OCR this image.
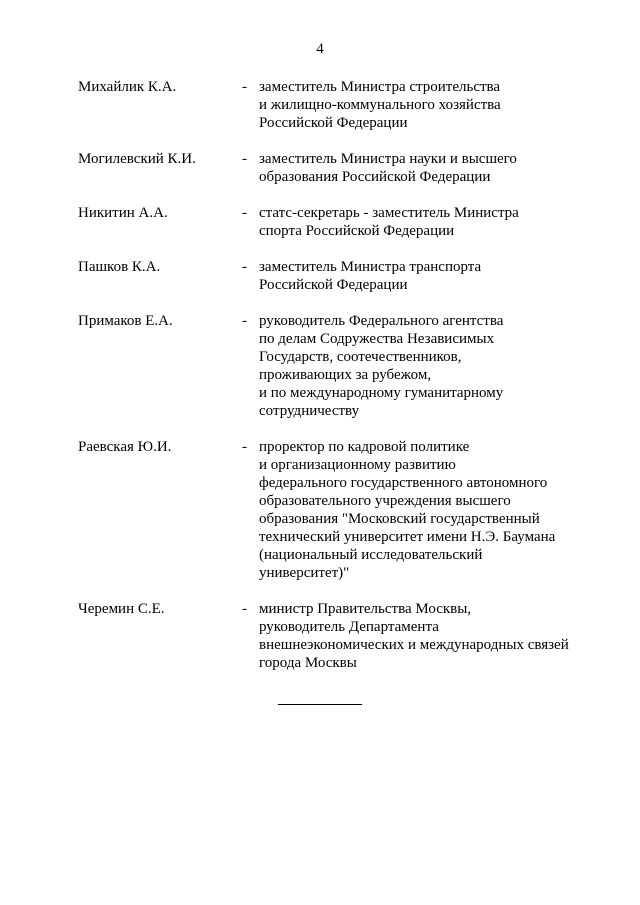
4
Михайлик К.А.	- заместитель Министра строительства
и жилищно-коммунального хозяйства
Российской Федерации
Могилевский К.И.	- заместитель Министра науки и высшего
образования Российской Федерации
Никитин А.А.	- статс-секретарь - заместитель Министра
спорта Российской Федерации
Пашков К.А.	- заместитель Министра транспорта
Российской Федерации
Примаков Е.А.	- руководитель Федерального агентства
по делам Содружества Независимых
Государств, соотечественников,
проживающих за рубежом,
и по международному гуманитарному
сотрудничеству
Раевская Ю.И.	- проректор по кадровой политике
и организационному развитию
федерального государственного автономного
образовательного учреждения высшего
образования "Московский государственный
технический университет имени Н.Э. Баумана
(национальный исследовательский
университет)"
Черемин С.Е.	- министр Правительства Москвы,
руководитель Департамента
внешнеэкономических и международных связей
города Москвы
